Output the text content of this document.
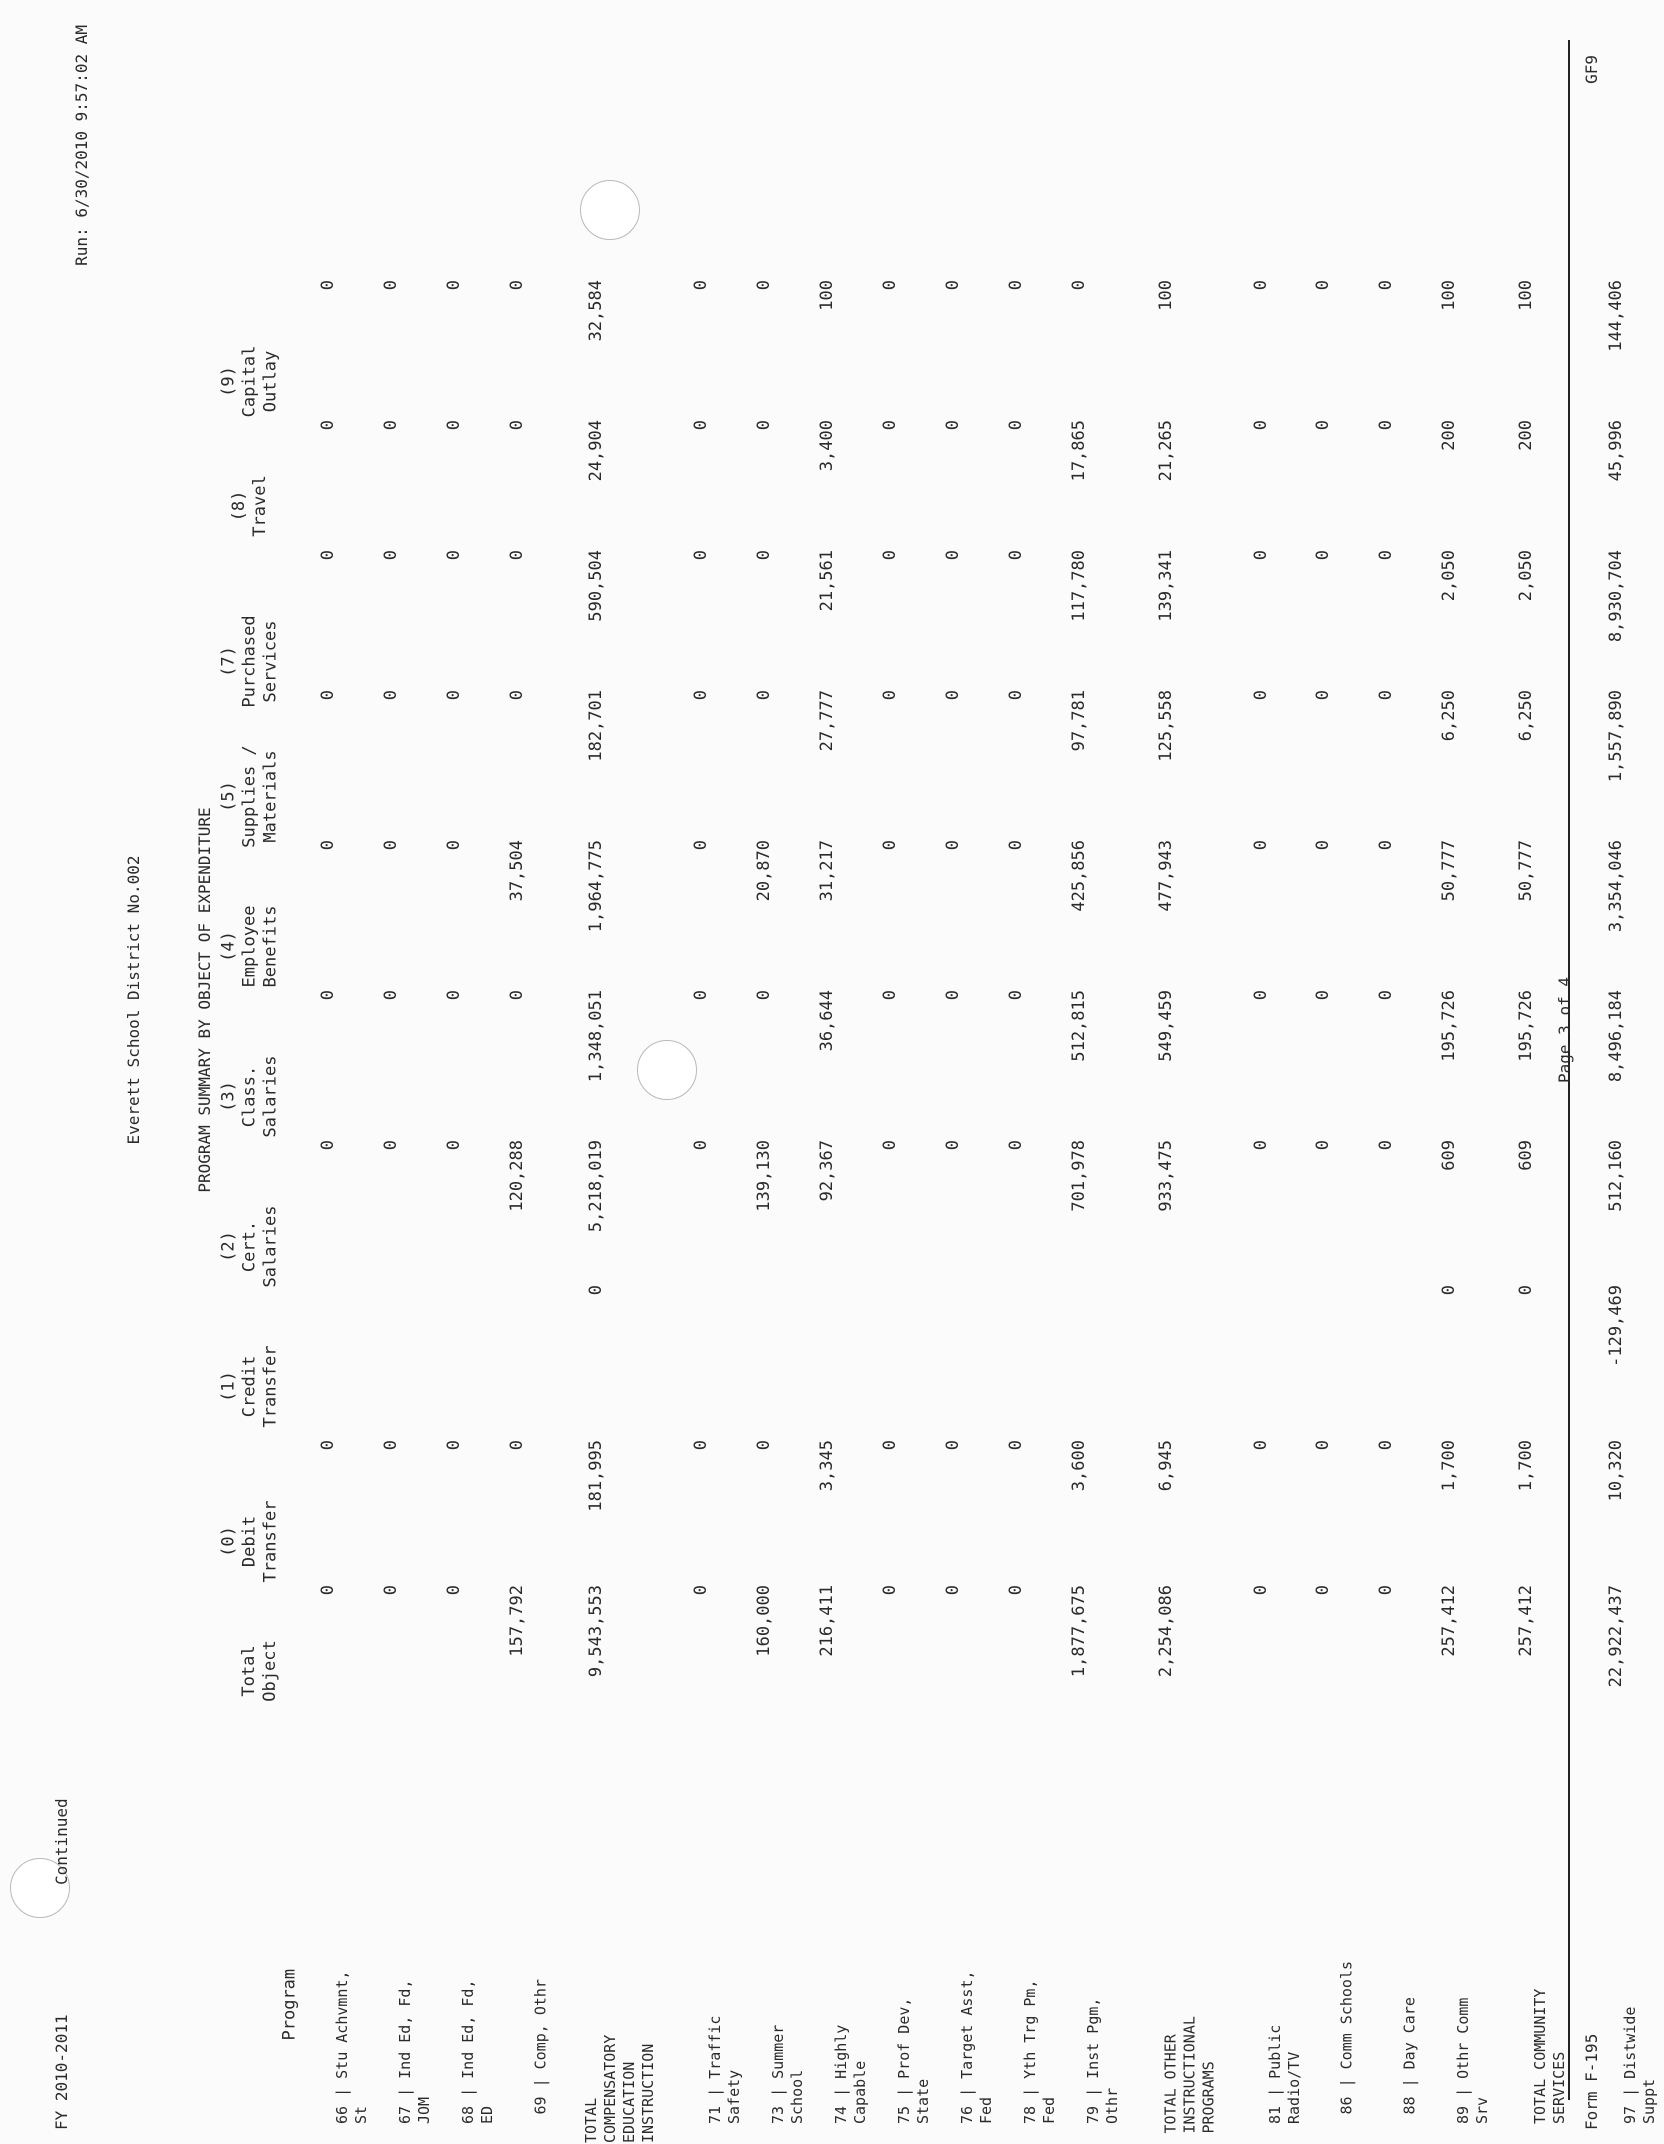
FY 2010-2011
Continued
Run: 6/30/2010 9:57:02 AM
Everett School District No.002	PROGRAM SUMMARY BY OBJECT OF EXPENDITURE
Program
Total
Object
(0)
Debit
Transfer
(1)
Credit
Transfer
(2)
Cert.
Salaries
(3)
Class.
Salaries
(4)
Employee
Benefits
(5)
Supplies /
Materials
(7)
Purchased
Services
(8)
Travel
(9)
Capital
Outlay
66 | Stu Achvmnt,
St
0
0
0
0
0
0
0
0
0
67 | Ind Ed, Fd,
JOM
0
0
0
0
0
0
0
0
0
68 | Ind Ed, Fd,
ED
0
0
0
0
0
0
0
0
0
69 | Comp, Othr
157,792
0
120,288
0
37,504
0
0
0
0
TOTAL
COMPENSATORY
EDUCATION
INSTRUCTION
9,543,553
181,995
0
5,218,019
1,348,051
1,964,775
182,701
590,504
24,904
32,584
71 | Traffic
Safety
0
0
0
0
0
0
0
0
0
73 | Summer
School
160,000
0
139,130
0
20,870
0
0
0
0
74 | Highly
Capable
216,411
3,345
92,367
36,644
31,217
27,777
21,561
3,400
100
75 | Prof Dev,
State
0
0
0
0
0
0
0
0
0
76 | Target Asst,
Fed
0
0
0
0
0
0
0
0
0
78 | Yth Trg Pm,
Fed
0
0
0
0
0
0
0
0
0
79 | Inst Pgm,
Othr
1,877,675
3,600
701,978
512,815
425,856
97,781
117,780
17,865
0
TOTAL OTHER
INSTRUCTIONAL
PROGRAMS
2,254,086
6,945
933,475
549,459
477,943
125,558
139,341
21,265
100
81 | Public
Radio/TV
0
0
0
0
0
0
0
0
0
86 | Comm Schools
0
0
0
0
0
0
0
0
0
88 | Day Care
0
0
0
0
0
0
0
0
0
89 | Othr Comm
Srv
257,412
1,700
0
609
195,726
50,777
6,250
2,050
200
100
TOTAL COMMUNITY
SERVICES
257,412
1,700
0
609
195,726
50,777
6,250
2,050
200
100
97 | Distwide
Suppt
22,922,437
10,320
-129,469
512,160
8,496,184
3,354,046
1,557,890
8,930,704
45,996
144,406
Form F-195
Page 3 of 4
GF9
